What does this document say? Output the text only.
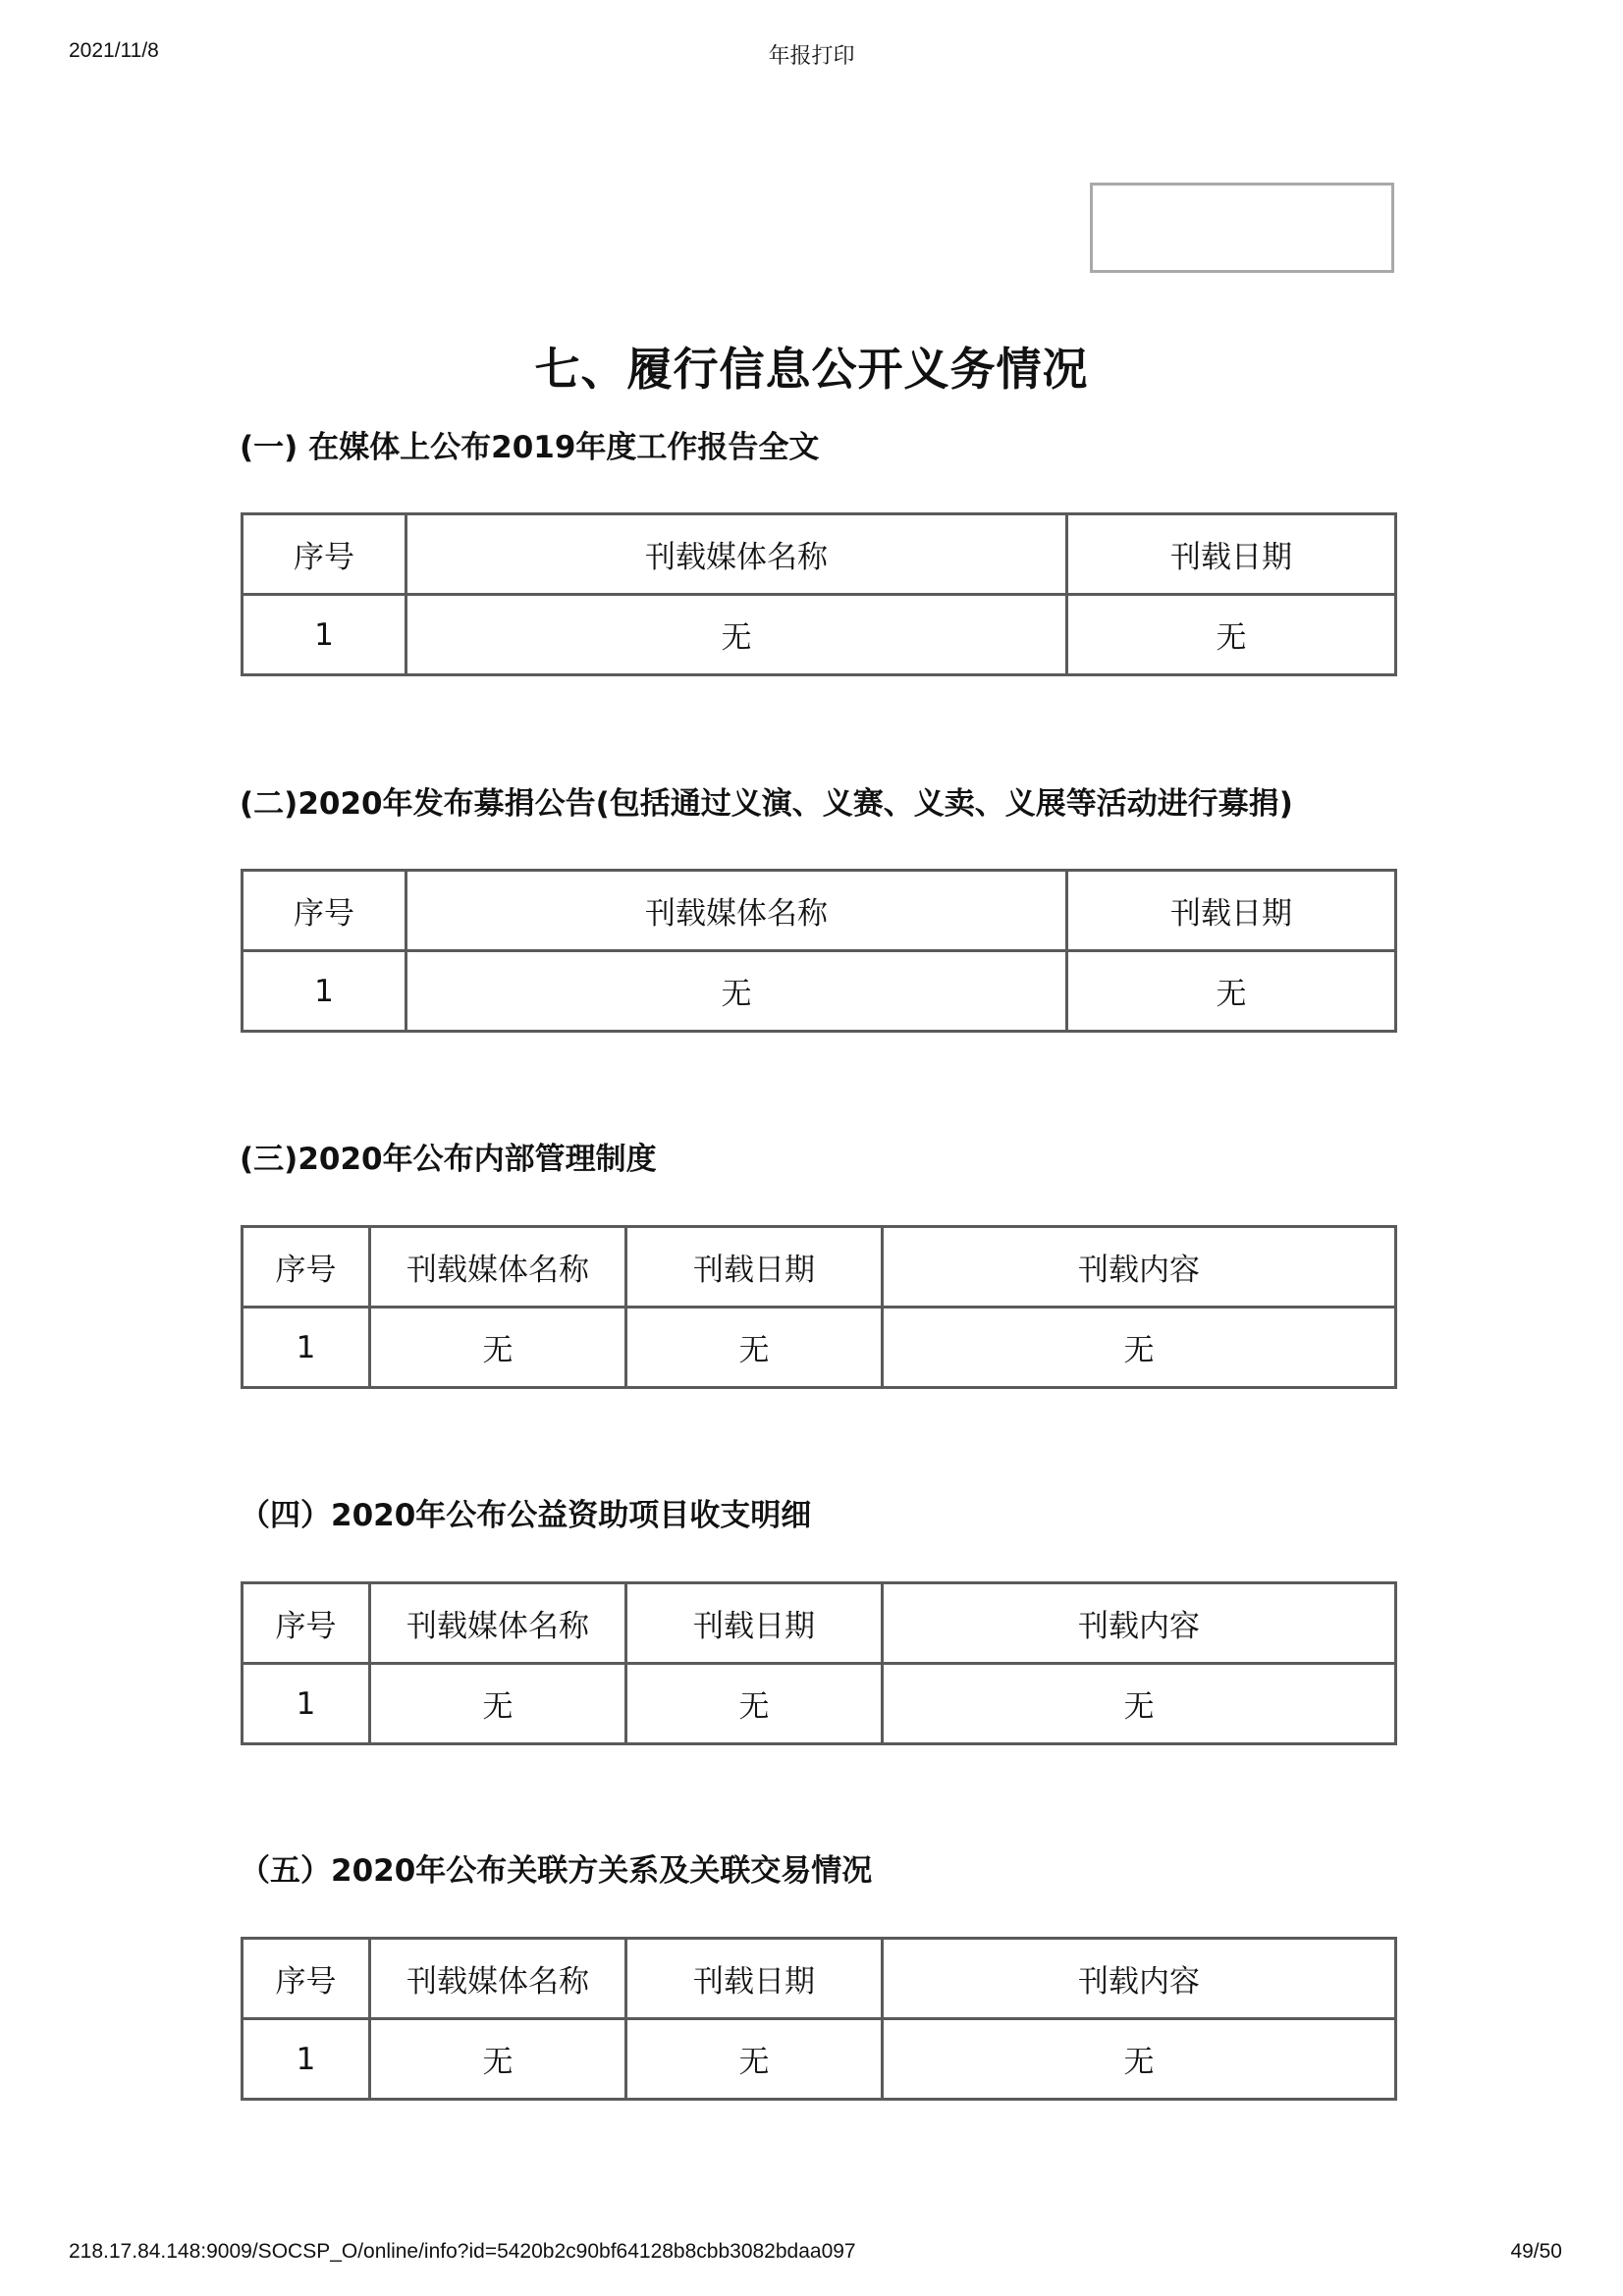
2021/11/8	年报打印
七、履行信息公开义务情况
(一) 在媒体上公布2019年度工作报告全文
序号	刊载媒体名称	刊载日期
1	无	无
(二)2020年发布募捐公告(包括通过义演、义赛、义卖、义展等活动进行募捐)
序号	刊载媒体名称	刊载日期
1	无	无
(三)2020年公布内部管理制度
序号	刊载媒体名称	刊载日期	刊载内容
1	无	无	无
（四）2020年公布公益资助项目收支明细
序号	刊载媒体名称	刊载日期	刊载内容
1	无	无	无
（五）2020年公布关联方关系及关联交易情况
序号	刊载媒体名称	刊载日期	刊载内容
1	无	无	无
218.17.84.148:9009/SOCSP_O/online/info?id=5420b2c90bf64128b8cbb3082bdaa097	49/50
